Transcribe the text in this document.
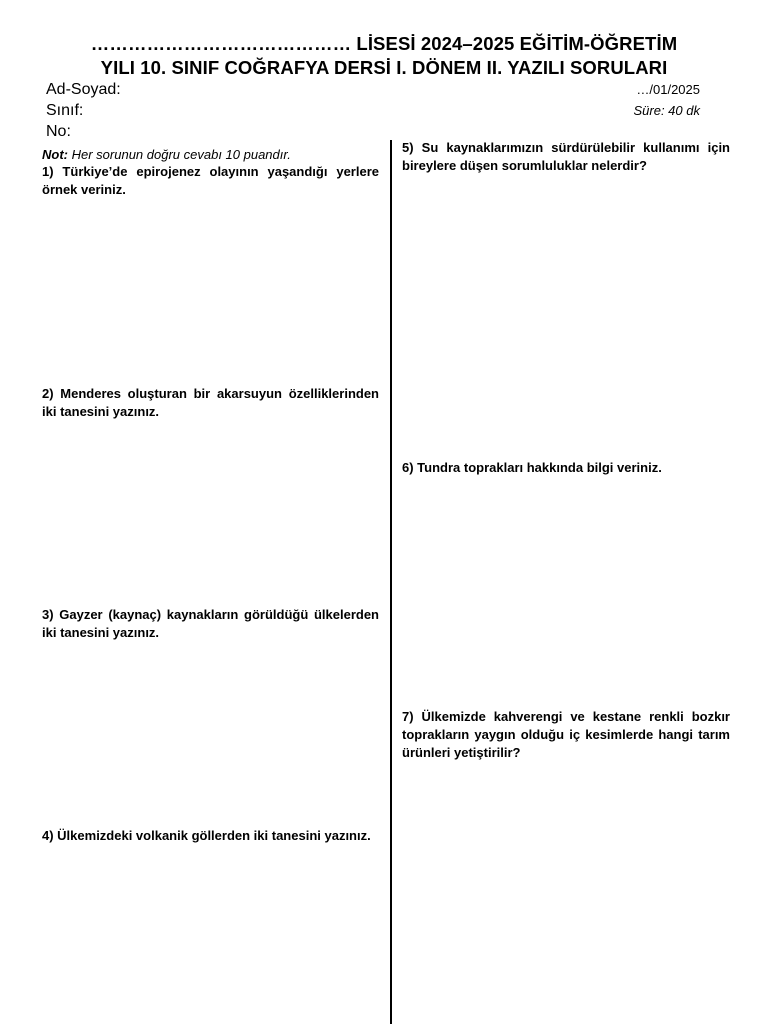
…………………………………… LİSESİ 2024–2025 EĞİTİM-ÖĞRETİM
YILI 10. SINIF COĞRAFYA DERSİ I. DÖNEM II. YAZILI SORULARI
Ad-Soyad:
Sınıf:
No:
…/01/2025
Süre: 40 dk
Not: Her sorunun doğru cevabı 10 puandır.

1) Türkiye’de epirojenez olayının yaşandığı yerlere örnek veriniz.

2) Menderes oluşturan bir akarsuyun özelliklerinden iki tanesini yazınız.

3) Gayzer (kaynaç) kaynakların görüldüğü ülkelerden iki tanesini yazınız.

4) Ülkemizdeki volkanik göllerden iki tanesini yazınız.

5) Su kaynaklarımızın sürdürülebilir kullanımı için bireylere düşen sorumluluklar nelerdir?

6) Tundra toprakları hakkında bilgi veriniz.

7) Ülkemizde kahverengi ve kestane renkli bozkır toprakların yaygın olduğu iç kesimlerde hangi tarım ürünleri yetiştirilir?
